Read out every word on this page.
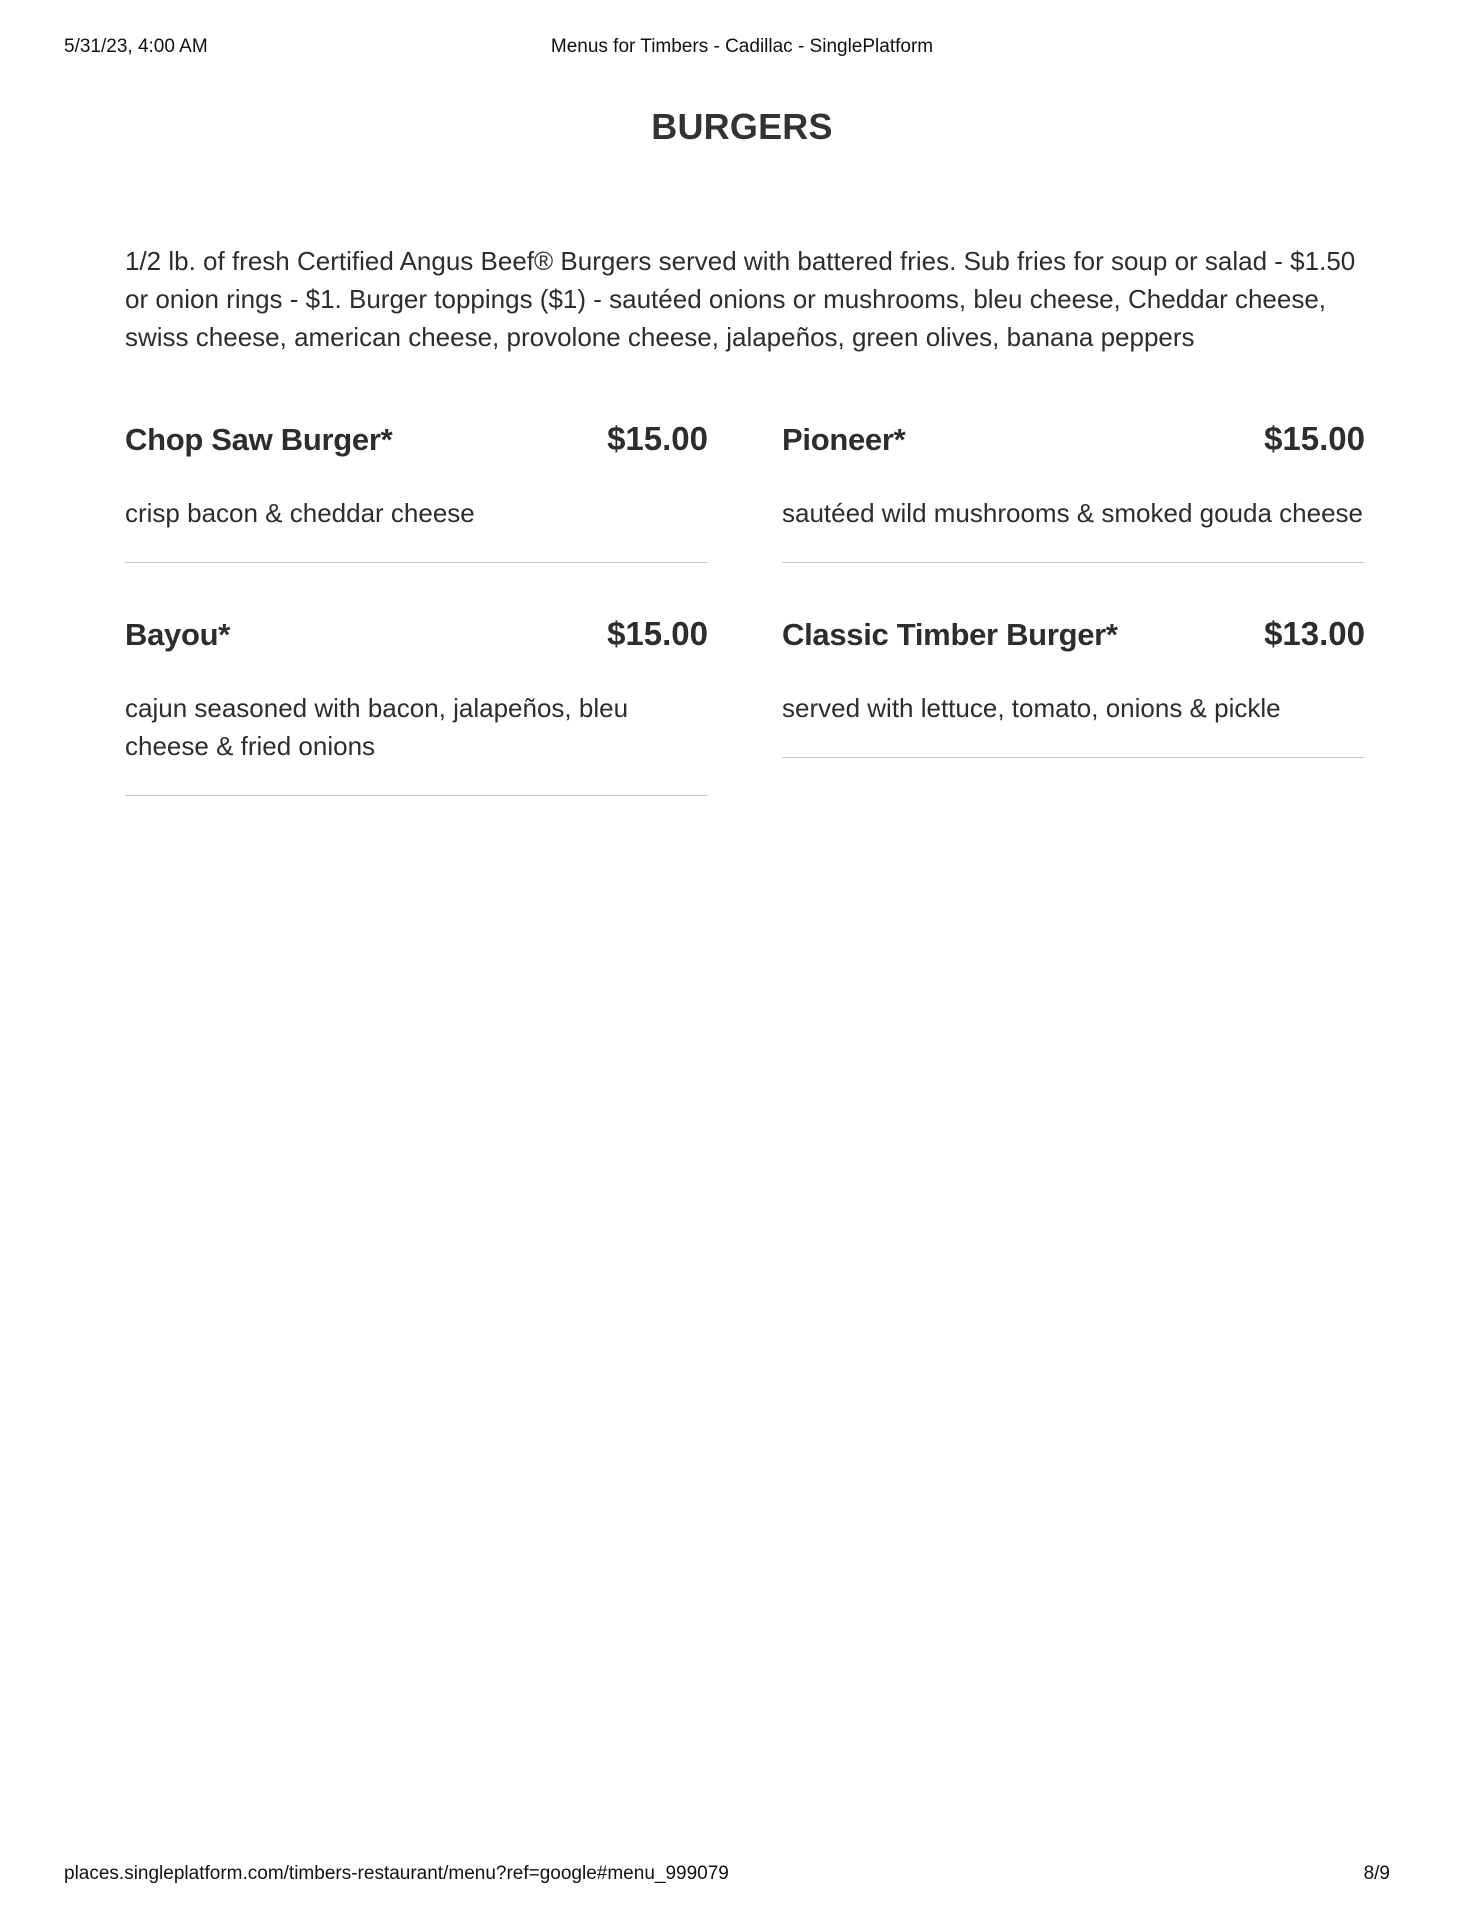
5/31/23, 4:00 AM	Menus for Timbers - Cadillac - SinglePlatform
BURGERS
1/2 lb. of fresh Certified Angus Beef® Burgers served with battered fries. Sub fries for soup or salad - $1.50 or onion rings - $1. Burger toppings ($1) - sautéed onions or mushrooms, bleu cheese, Cheddar cheese, swiss cheese, american cheese, provolone cheese, jalapeños, green olives, banana peppers
Chop Saw Burger*	$15.00
crisp bacon & cheddar cheese
Bayou*	$15.00
cajun seasoned with bacon, jalapeños, bleu cheese & fried onions
Pioneer*	$15.00
sautéed wild mushrooms & smoked gouda cheese
Classic Timber Burger*	$13.00
served with lettuce, tomato, onions & pickle
places.singleplatform.com/timbers-restaurant/menu?ref=google#menu_999079	8/9
